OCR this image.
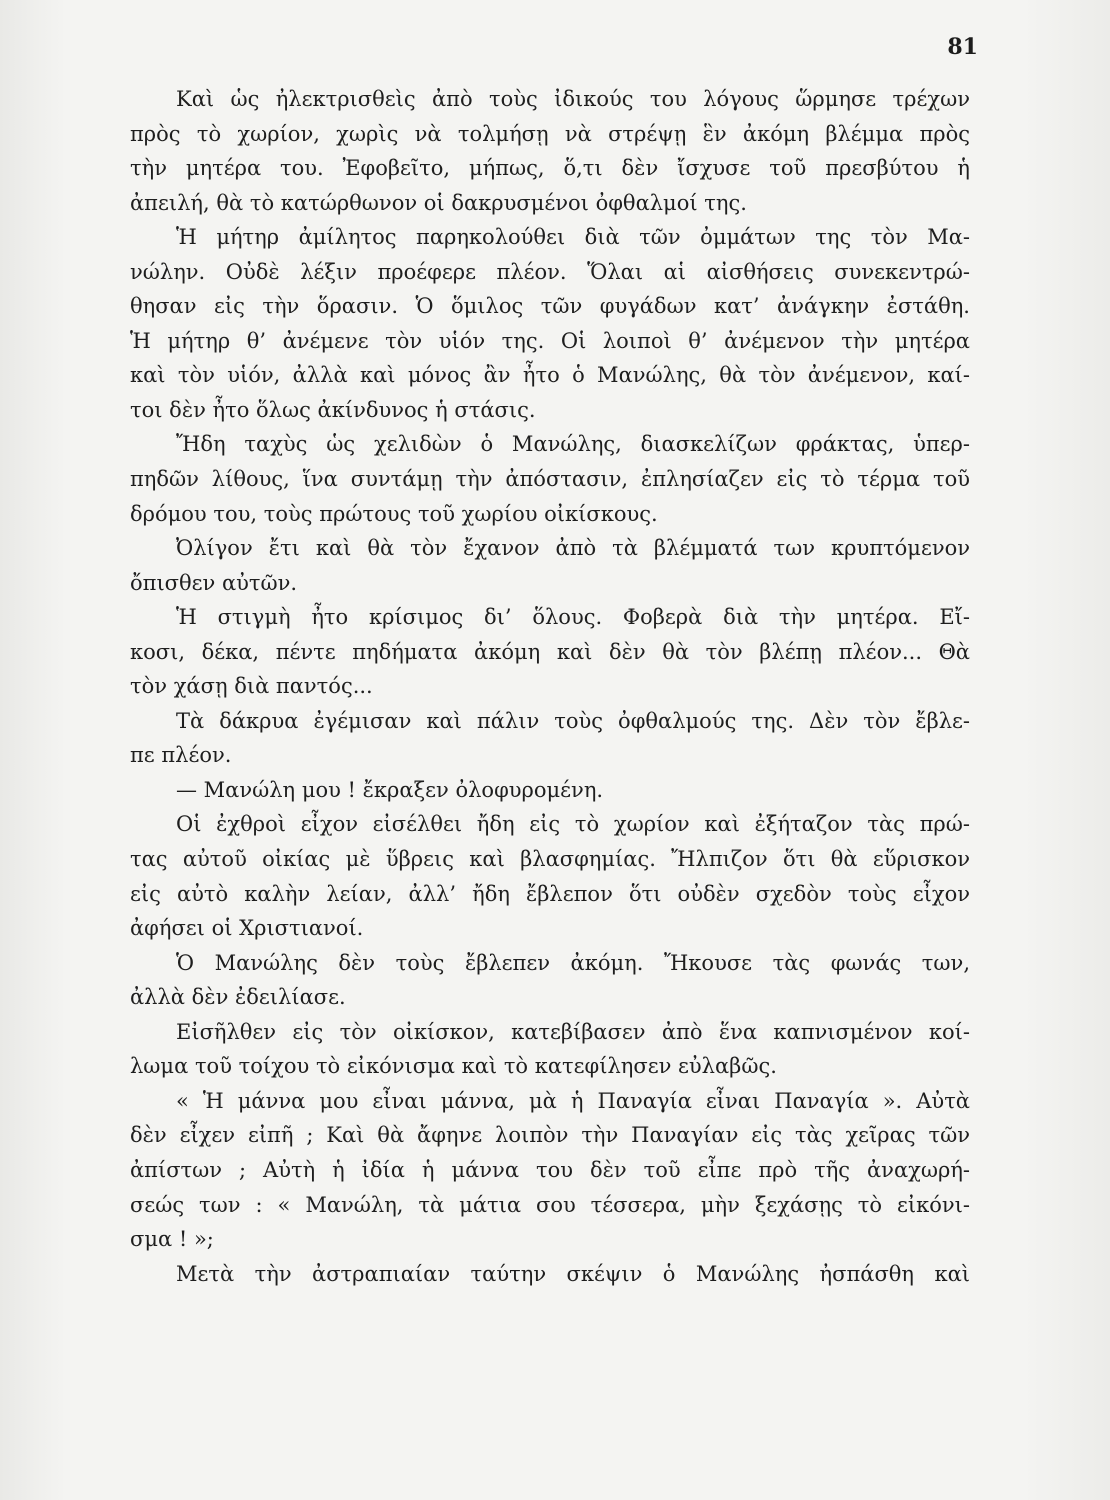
81
Καὶ ὡς ἠλεκτρισθεὶς ἀπὸ τοὺς ἰδικούς του λόγους ὥρμησε τρέχων
πρὸς τὸ χωρίον, χωρὶς νὰ τολμήσῃ νὰ στρέψῃ ἓν ἀκόμη βλέμμα πρὸς
τὴν μητέρα του. Ἐφοβεῖτο, μήπως, ὅ,τι δὲν ἴσχυσε τοῦ πρεσβύτου ἡ
ἀπειλή, θὰ τὸ κατώρθωνον οἱ δακρυσμένοι ὀφθαλμοί της.
Ἡ μήτηρ ἀμίλητος παρηκολούθει διὰ τῶν ὀμμάτων της τὸν Μα-
νώλην. Οὐδὲ λέξιν προέφερε πλέον. Ὅλαι αἱ αἰσθήσεις συνεκεντρώ-
θησαν εἰς τὴν ὅρασιν. Ὁ ὅμιλος τῶν φυγάδων κατ’ ἀνάγκην ἐστάθη.
Ἡ μήτηρ θ’ ἀνέμενε τὸν υἱόν της. Οἱ λοιποὶ θ’ ἀνέμενον τὴν μητέρα
καὶ τὸν υἱόν, ἀλλὰ καὶ μόνος ἂν ἦτο ὁ Μανώλης, θὰ τὸν ἀνέμενον, καί-
τοι δὲν ἦτο ὅλως ἀκίνδυνος ἡ στάσις.
Ἤδη ταχὺς ὡς χελιδὼν ὁ Μανώλης, διασκελίζων φράκτας, ὑπερ-
πηδῶν λίθους, ἵνα συντάμῃ τὴν ἀπόστασιν, ἐπλησίαζεν εἰς τὸ τέρμα τοῦ
δρόμου του, τοὺς πρώτους τοῦ χωρίου οἰκίσκους.
Ὀλίγον ἔτι καὶ θὰ τὸν ἔχανον ἀπὸ τὰ βλέμματά των κρυπτόμενον
ὄπισθεν αὐτῶν.
Ἡ στιγμὴ ἦτο κρίσιμος δι’ ὅλους. Φοβερὰ διὰ τὴν μητέρα. Εἴ-
κοσι, δέκα, πέντε πηδήματα ἀκόμη καὶ δὲν θὰ τὸν βλέπῃ πλέον... Θὰ
τὸν χάσῃ διὰ παντός...
Τὰ δάκρυα ἐγέμισαν καὶ πάλιν τοὺς ὀφθαλμούς της. Δὲν τὸν ἔβλε-
πε πλέον.
— Μανώλη μου ! ἔκραξεν ὀλοφυρομένη.
Οἱ ἐχθροὶ εἶχον εἰσέλθει ἤδη εἰς τὸ χωρίον καὶ ἐξήταζον τὰς πρώ-
τας αὐτοῦ οἰκίας μὲ ὕβρεις καὶ βλασφημίας. Ἤλπιζον ὅτι θὰ εὕρισκον
εἰς αὐτὸ καλὴν λείαν, ἀλλ’ ἤδη ἔβλεπον ὅτι οὐδὲν σχεδὸν τοὺς εἶχον
ἀφήσει οἱ Χριστιανοί.
Ὁ Μανώλης δὲν τοὺς ἔβλεπεν ἀκόμη. Ἤκουσε τὰς φωνάς των,
ἀλλὰ δὲν ἐδειλίασε.
Εἰσῆλθεν εἰς τὸν οἰκίσκον, κατεβίβασεν ἀπὸ ἕνα καπνισμένον κοί-
λωμα τοῦ τοίχου τὸ εἰκόνισμα καὶ τὸ κατεφίλησεν εὐλαβῶς.
« Ἡ μάννα μου εἶναι μάννα, μὰ ἡ Παναγία εἶναι Παναγία ». Αὐτὰ
δὲν εἶχεν εἰπῆ ; Καὶ θὰ ἄφηνε λοιπὸν τὴν Παναγίαν εἰς τὰς χεῖρας τῶν
ἀπίστων ; Αὐτὴ ἡ ἰδία ἡ μάννα του δὲν τοῦ εἶπε πρὸ τῆς ἀναχωρή-
σεώς των : « Μανώλη, τὰ μάτια σου τέσσερα, μὴν ξεχάσῃς τὸ εἰκόνι-
σμα ! »;
Μετὰ τὴν ἀστραπιαίαν ταύτην σκέψιν ὁ Μανώλης ἠσπάσθη καὶ
